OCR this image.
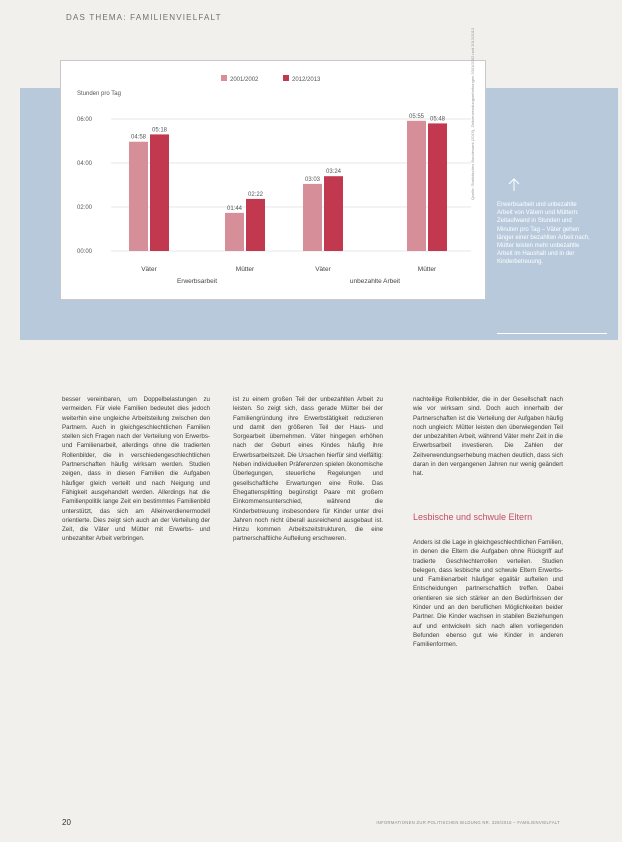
DAS THEMA: FAMILIENVIELFALT
2001/2002	2012/2013
Stunden pro Tag
00:00
02:00
04:00
06:00
04:58
05:18
01:44
02:22
03:03
03:24
05:55 05:48
Väter	Mütter	Väter	Mütter
Erwerbsarbeit	unbezahlte Arbeit
Quelle: Statistisches Bundesamt (2015), Zeitverwendungserhebungen 2001/2002 und 2012/2013

Erwerbsarbeit und unbezahlte Arbeit von Vätern und Müttern: Zeitaufwand in Stunden und Minuten pro Tag – Väter gehen länger einer bezahlten Arbeit nach, Mütter leisten mehr unbezahlte Arbeit im Haushalt und in der Kinderbetreuung.

besser vereinbaren, um Doppelbelastungen zu vermeiden. Für viele Familien bedeutet dies jedoch weiterhin eine ungleiche Arbeitsteilung zwischen den Partnern. Auch in gleichgeschlechtlichen Familien stellen sich Fragen nach der Verteilung von Erwerbs- und Familienarbeit, allerdings ohne die tradierten Rollenbilder, die in verschiedengeschlechtlichen Partnerschaften häufig wirksam werden. Studien zeigen, dass in diesen Familien die Aufgaben häufiger gleich verteilt und nach Neigung und Fähigkeit ausgehandelt werden. Allerdings hat die Familienpolitik lange Zeit ein bestimmtes Familienbild unterstützt, das sich am Alleinverdienermodell orientierte. Dies zeigt sich auch an der Verteilung der Zeit, die Väter und Mütter mit Erwerbs- und unbezahlter Arbeit verbringen.

ist zu einem großen Teil der unbezahlten Arbeit zu leisten. So zeigt sich, dass gerade Mütter bei der Familiengründung ihre Erwerbstätigkeit reduzieren und damit den größeren Teil der Haus- und Sorgearbeit übernehmen. Väter hingegen erhöhen nach der Geburt eines Kindes häufig ihre Erwerbsarbeitszeit. Die Ursachen hierfür sind vielfältig: Neben individuellen Präferenzen spielen ökonomische Überlegungen, steuerliche Regelungen und gesellschaftliche Erwartungen eine Rolle. Das Ehegattensplitting begünstigt Paare mit großem Einkommensunterschied, während die Kinderbetreuung insbesondere für Kinder unter drei Jahren noch nicht überall ausreichend ausgebaut ist. Hinzu kommen Arbeitszeitstrukturen, die eine partnerschaftliche Aufteilung erschweren.

nachteilige Rollenbilder, die in der Gesellschaft nach wie vor wirksam sind. Doch auch innerhalb der Partnerschaften ist die Verteilung der Aufgaben häufig noch ungleich: Mütter leisten den überwiegenden Teil der unbezahlten Arbeit, während Väter mehr Zeit in die Erwerbsarbeit investieren. Die Zahlen der Zeitverwendungserhebung machen deutlich, dass sich daran in den vergangenen Jahren nur wenig geändert hat.

Lesbische und schwule Eltern

Anders ist die Lage in gleichgeschlechtlichen Familien, in denen die Eltern die Aufgaben ohne Rückgriff auf tradierte Geschlechterrollen verteilen. Studien belegen, dass lesbische und schwule Eltern Erwerbs- und Familienarbeit häufiger egalitär aufteilen und Entscheidungen partnerschaftlich treffen. Dabei orientieren sie sich stärker an den Bedürfnissen der Kinder und an den beruflichen Möglichkeiten beider Partner. Die Kinder wachsen in stabilen Beziehungen auf und entwickeln sich nach allen vorliegenden Befunden ebenso gut wie Kinder in anderen Familienformen.

20	INFORMATIONEN ZUR POLITISCHEN BILDUNG NR. 329/2016 – FAMILIENVIELFALT
